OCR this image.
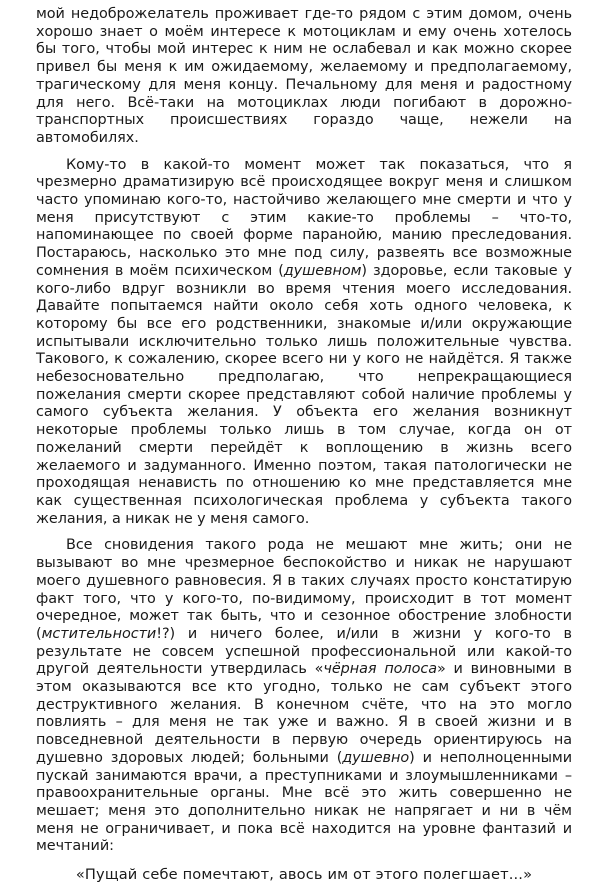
мой недоброжелатель проживает где-то рядом с этим домом, очень хорошо знает о моём интересе к мотоциклам и ему очень хотелось бы того, чтобы мой интерес к ним не ослабевал и как можно скорее привел бы меня к им ожидаемому, желаемому и предполагаемому, трагическому для меня концу. Печальному для меня и радостному для него. Всё-таки на мотоциклах люди погибают в дорожно-транспортных происшествиях гораздо чаще, нежели на автомобилях.

Кому-то в какой-то момент может так показаться, что я чрезмерно драматизирую всё происходящее вокруг меня и слишком часто упоминаю кого-то, настойчиво желающего мне смерти и что у меня присутствуют с этим какие-то проблемы – что-то, напоминающее по своей форме паранойю, манию преследования. Постараюсь, насколько это мне под силу, развеять все возможные сомнения в моём психическом (душевном) здоровье, если таковые у кого-либо вдруг возникли во время чтения моего исследования. Давайте попытаемся найти около себя хоть одного человека, к которому бы все его родственники, знакомые и/или окружающие испытывали исключительно только лишь положительные чувства. Такового, к сожалению, скорее всего ни у кого не найдётся. Я также небезосновательно предполагаю, что непрекращающиеся пожелания смерти скорее представляют собой наличие проблемы у самого субъекта желания. У объекта его желания возникнут некоторые проблемы только лишь в том случае, когда он от пожеланий смерти перейдёт к воплощению в жизнь всего желаемого и задуманного. Именно поэтом, такая патологически не проходящая ненависть по отношению ко мне представляется мне как существенная психологическая проблема у субъекта такого желания, а никак не у меня самого.

Все сновидения такого рода не мешают мне жить; они не вызывают во мне чрезмерное беспокойство и никак не нарушают моего душевного равновесия. Я в таких случаях просто констатирую факт того, что у кого-то, по-видимому, происходит в тот момент очередное, может так быть, что и сезонное обострение злобности (мстительности!?) и ничего более, и/или в жизни у кого-то в результате не совсем успешной профессиональной или какой-то другой деятельности утвердилась «чёрная полоса» и виновными в этом оказываются все кто угодно, только не сам субъект этого деструктивного желания. В конечном счёте, что на это могло повлиять – для меня не так уже и важно. Я в своей жизни и в повседневной деятельности в первую очередь ориентируюсь на душевно здоровых людей; больными (душевно) и неполноценными пускай занимаются врачи, а преступниками и злоумышленниками – правоохранительные органы. Мне всё это жить совершенно не мешает; меня это дополнительно никак не напрягает и ни в чём меня не ограничивает, и пока всё находится на уровне фантазий и мечтаний:

«Пущай себе помечтают, авось им от этого полегшает...»
